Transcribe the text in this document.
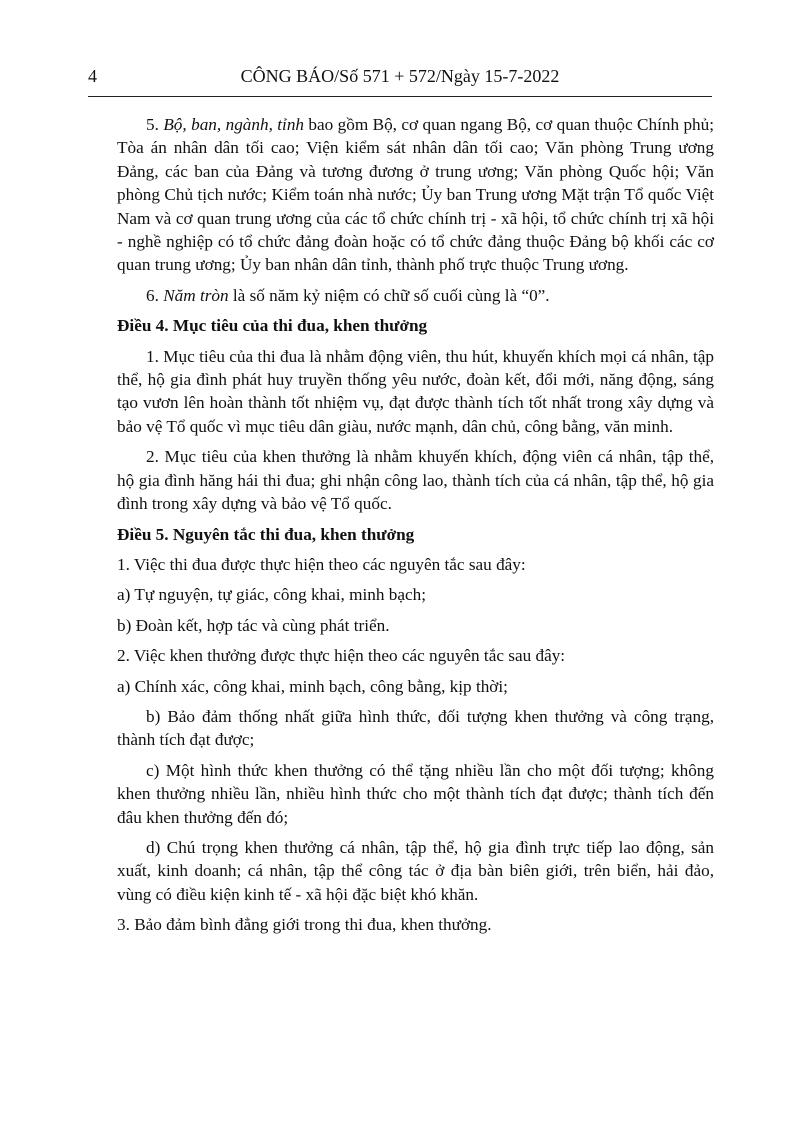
4	CÔNG BÁO/Số 571 + 572/Ngày 15-7-2022

5. Bộ, ban, ngành, tỉnh bao gồm Bộ, cơ quan ngang Bộ, cơ quan thuộc Chính phủ; Tòa án nhân dân tối cao; Viện kiểm sát nhân dân tối cao; Văn phòng Trung ương Đảng, các ban của Đảng và tương đương ở trung ương; Văn phòng Quốc hội; Văn phòng Chủ tịch nước; Kiểm toán nhà nước; Ủy ban Trung ương Mặt trận Tổ quốc Việt Nam và cơ quan trung ương của các tổ chức chính trị - xã hội, tổ chức chính trị xã hội - nghề nghiệp có tổ chức đảng đoàn hoặc có tổ chức đảng thuộc Đảng bộ khối các cơ quan trung ương; Ủy ban nhân dân tỉnh, thành phố trực thuộc Trung ương.

6. Năm tròn là số năm kỷ niệm có chữ số cuối cùng là “0”.

Điều 4. Mục tiêu của thi đua, khen thưởng

1. Mục tiêu của thi đua là nhằm động viên, thu hút, khuyến khích mọi cá nhân, tập thể, hộ gia đình phát huy truyền thống yêu nước, đoàn kết, đổi mới, năng động, sáng tạo vươn lên hoàn thành tốt nhiệm vụ, đạt được thành tích tốt nhất trong xây dựng và bảo vệ Tổ quốc vì mục tiêu dân giàu, nước mạnh, dân chủ, công bằng, văn minh.

2. Mục tiêu của khen thưởng là nhằm khuyến khích, động viên cá nhân, tập thể, hộ gia đình hăng hái thi đua; ghi nhận công lao, thành tích của cá nhân, tập thể, hộ gia đình trong xây dựng và bảo vệ Tổ quốc.

Điều 5. Nguyên tắc thi đua, khen thưởng

1. Việc thi đua được thực hiện theo các nguyên tắc sau đây:

a) Tự nguyện, tự giác, công khai, minh bạch;

b) Đoàn kết, hợp tác và cùng phát triển.

2. Việc khen thưởng được thực hiện theo các nguyên tắc sau đây:

a) Chính xác, công khai, minh bạch, công bằng, kịp thời;

b) Bảo đảm thống nhất giữa hình thức, đối tượng khen thưởng và công trạng, thành tích đạt được;

c) Một hình thức khen thưởng có thể tặng nhiều lần cho một đối tượng; không khen thưởng nhiều lần, nhiều hình thức cho một thành tích đạt được; thành tích đến đâu khen thưởng đến đó;

d) Chú trọng khen thưởng cá nhân, tập thể, hộ gia đình trực tiếp lao động, sản xuất, kinh doanh; cá nhân, tập thể công tác ở địa bàn biên giới, trên biển, hải đảo, vùng có điều kiện kinh tế - xã hội đặc biệt khó khăn.

3. Bảo đảm bình đẳng giới trong thi đua, khen thưởng.
